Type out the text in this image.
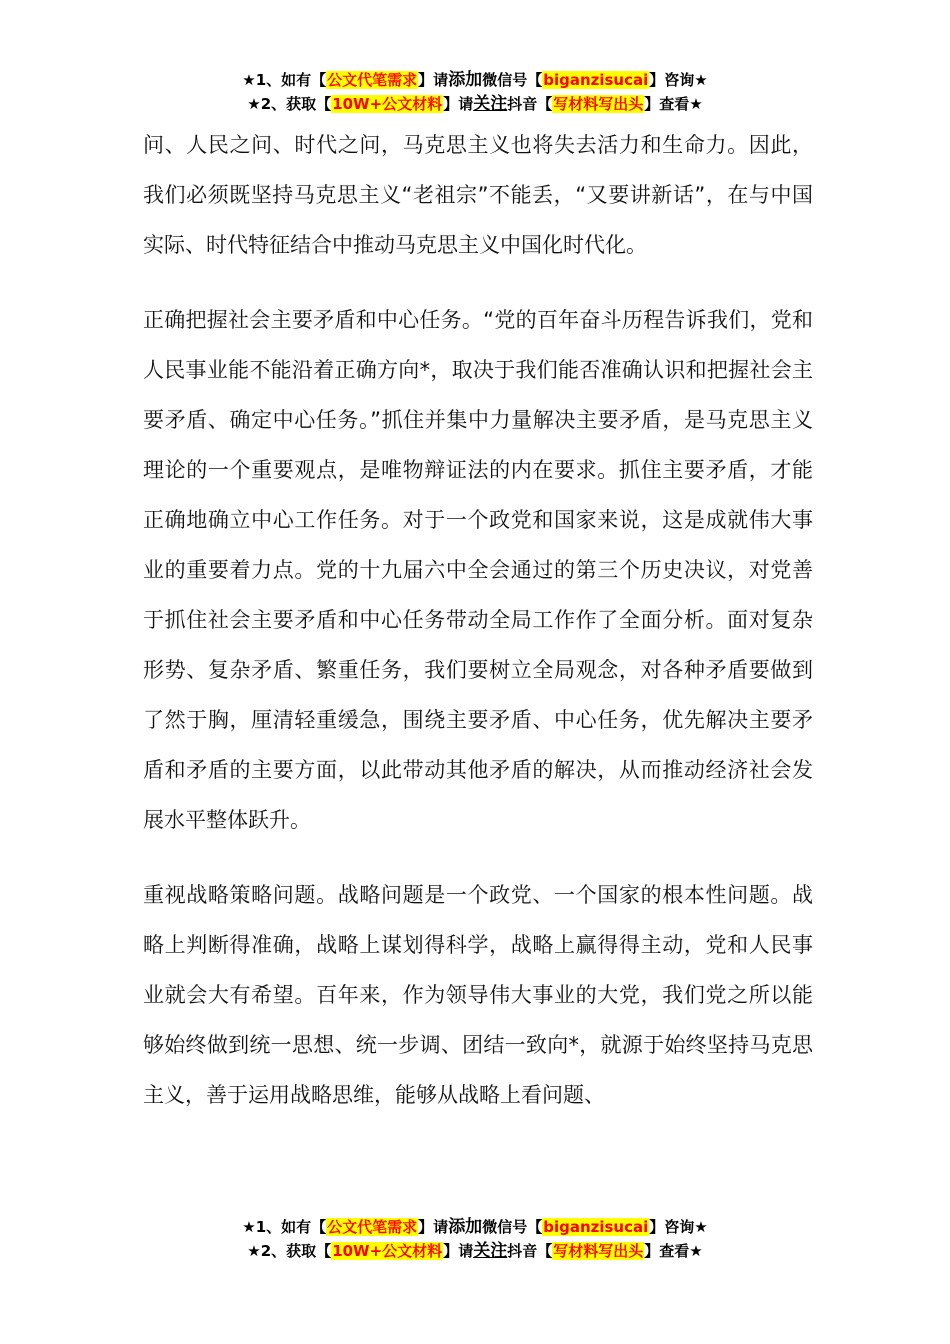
★1、如有【公文代笔需求】请添加微信号【biganzisucai】咨询★
★2、获取【10W+公文材料】请关注抖音【写材料写出头】查看★

问、人民之问、时代之问，马克思主义也将失去活力和生命力。因此，我们必须既坚持马克思主义“老祖宗”不能丢，“又要讲新话”，在与中国实际、时代特征结合中推动马克思主义中国化时代化。

正确把握社会主要矛盾和中心任务。“党的百年奋斗历程告诉我们，党和人民事业能不能沿着正确方向*，取决于我们能否准确认识和把握社会主要矛盾、确定中心任务。”抓住并集中力量解决主要矛盾，是马克思主义理论的一个重要观点，是唯物辩证法的内在要求。抓住主要矛盾，才能正确地确立中心工作任务。对于一个政党和国家来说，这是成就伟大事业的重要着力点。党的十九届六中全会通过的第三个历史决议，对党善于抓住社会主要矛盾和中心任务带动全局工作作了全面分析。面对复杂形势、复杂矛盾、繁重任务，我们要树立全局观念，对各种矛盾要做到了然于胸，厘清轻重缓急，围绕主要矛盾、中心任务，优先解决主要矛盾和矛盾的主要方面，以此带动其他矛盾的解决，从而推动经济社会发展水平整体跃升。

重视战略策略问题。战略问题是一个政党、一个国家的根本性问题。战略上判断得准确，战略上谋划得科学，战略上赢得得主动，党和人民事业就会大有希望。百年来，作为领导伟大事业的大党，我们党之所以能够始终做到统一思想、统一步调、团结一致向*，就源于始终坚持马克思主义，善于运用战略思维，能够从战略上看问题、

★1、如有【公文代笔需求】请添加微信号【biganzisucai】咨询★
★2、获取【10W+公文材料】请关注抖音【写材料写出头】查看★
